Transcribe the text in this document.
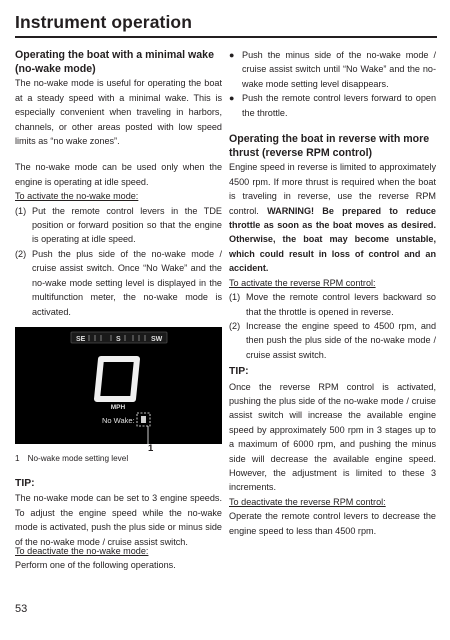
Instrument operation
Operating the boat with a minimal wake (no-wake mode)

The no-wake mode is useful for operating the boat at a steady speed with a minimal wake. This is especially convenient when traveling in harbors, channels, or other areas posted with low speed limits as “no wake zones”.

The no-wake mode can be used only when the engine is operating at idle speed.

To activate the no-wake mode:
(1) Put the remote control levers in the TDE position or forward position so that the engine is operating at idle speed.
(2) Push the plus side of the no-wake mode / cruise assist switch. Once “No Wake” and the no-wake mode setting level is displayed in the multifunction meter, the no-wake mode is activated.
SE	S	SW
MPH
No Wake:
1
1 No-wake mode setting level
TIP:

The no-wake mode can be set to 3 engine speeds. To adjust the engine speed while the no-wake mode is activated, push the plus side or minus side of the no-wake mode / cruise assist switch.

To deactivate the no-wake mode:
Perform one of the following operations.
● Push the minus side of the no-wake mode / cruise assist switch until “No Wake” and the no-wake mode setting level disappears.
● Push the remote control levers forward to open the throttle.
Operating the boat in reverse with more thrust (reverse RPM control)

Engine speed in reverse is limited to approximately 4500 rpm. If more thrust is required when the boat is traveling in reverse, use the reverse RPM control. WARNING! Be prepared to reduce throttle as soon as the boat moves as desired. Otherwise, the boat may become unstable, which could result in loss of control and an accident.

To activate the reverse RPM control:
(1) Move the remote control levers backward so that the throttle is opened in reverse.
(2) Increase the engine speed to 4500 rpm, and then push the plus side of the no-wake mode / cruise assist switch.
TIP:

Once the reverse RPM control is activated, pushing the plus side of the no-wake mode / cruise assist switch will increase the available engine speed by approximately 500 rpm in 3 stages up to a maximum of 6000 rpm, and pushing the minus side will decrease the available engine speed. However, the adjustment is limited to these 3 increments.

To deactivate the reverse RPM control:

Operate the remote control levers to decrease the engine speed to less than 4500 rpm.

53
